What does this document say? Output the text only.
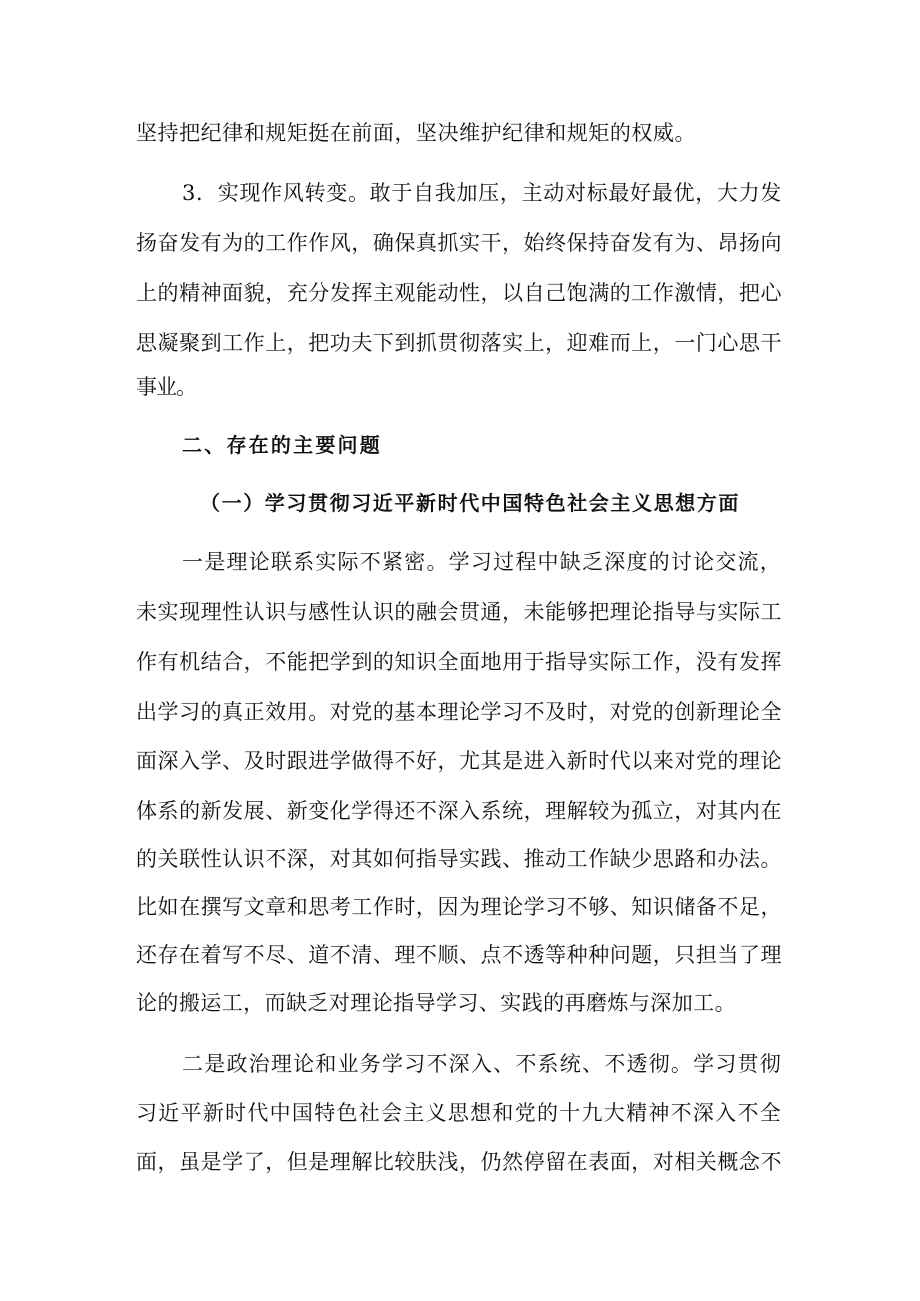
坚持把纪律和规矩挺在前面，坚决维护纪律和规矩的权威。
3．实现作风转变。敢于自我加压，主动对标最好最优，大力发
扬奋发有为的工作作风，确保真抓实干，始终保持奋发有为、昂扬向
上的精神面貌，充分发挥主观能动性，以自己饱满的工作激情，把心
思凝聚到工作上，把功夫下到抓贯彻落实上，迎难而上，一门心思干
事业。
二、存在的主要问题
（一）学习贯彻习近平新时代中国特色社会主义思想方面
一是理论联系实际不紧密。学习过程中缺乏深度的讨论交流，
未实现理性认识与感性认识的融会贯通，未能够把理论指导与实际工
作有机结合，不能把学到的知识全面地用于指导实际工作，没有发挥
出学习的真正效用。对党的基本理论学习不及时，对党的创新理论全
面深入学、及时跟进学做得不好，尤其是进入新时代以来对党的理论
体系的新发展、新变化学得还不深入系统，理解较为孤立，对其内在
的关联性认识不深，对其如何指导实践、推动工作缺少思路和办法。
比如在撰写文章和思考工作时，因为理论学习不够、知识储备不足，
还存在着写不尽、道不清、理不顺、点不透等种种问题，只担当了理
论的搬运工，而缺乏对理论指导学习、实践的再磨炼与深加工。
二是政治理论和业务学习不深入、不系统、不透彻。学习贯彻
习近平新时代中国特色社会主义思想和党的十九大精神不深入不全
面，虽是学了，但是理解比较肤浅，仍然停留在表面，对相关概念不
